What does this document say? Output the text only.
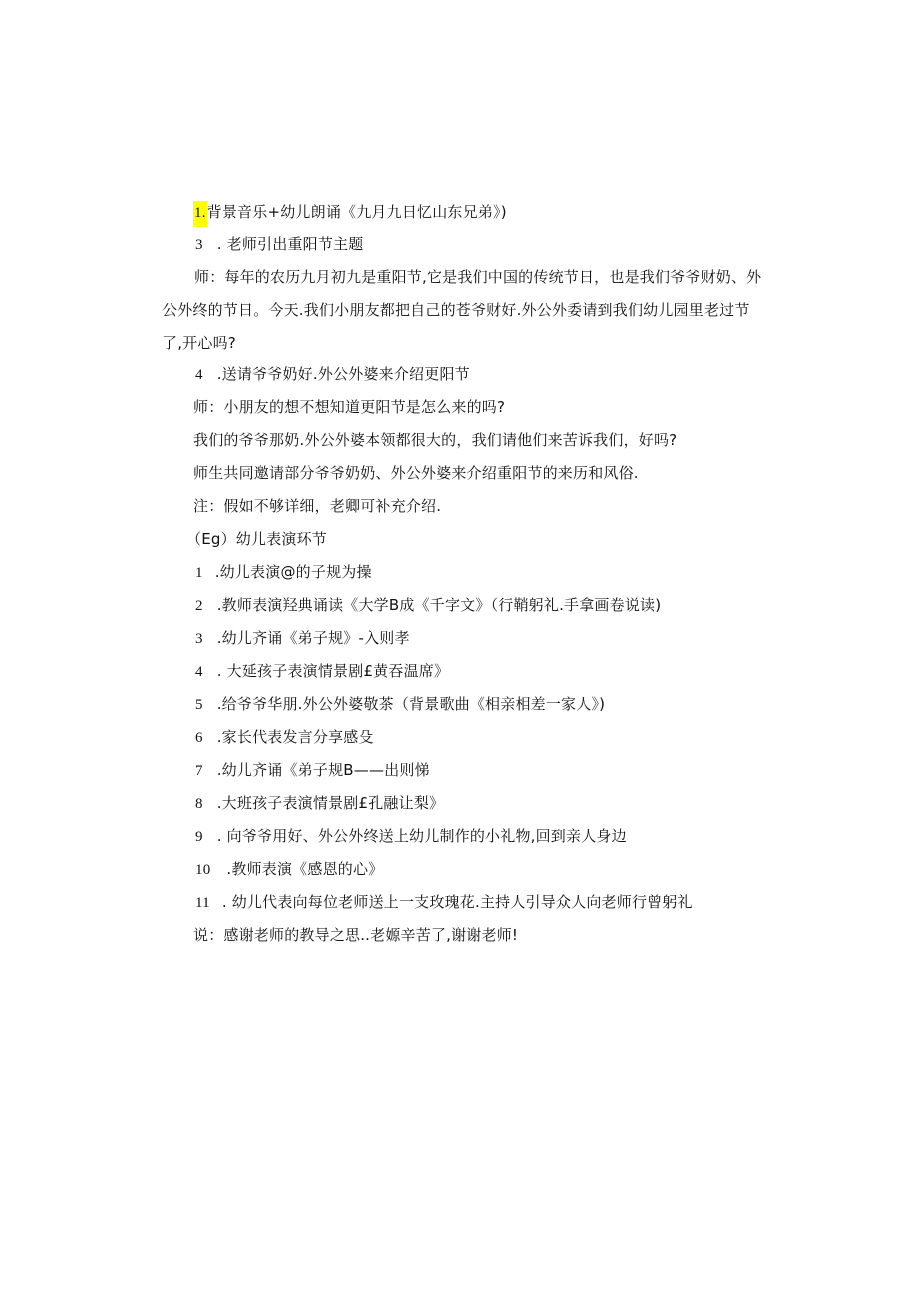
1.背景音乐+幼儿朗诵《九月九日忆山东兄弟》)
3 . 老师引出重阳节主题
师：每年的农历九月初九是重阳节,它是我们中国的传统节日，也是我们爷爷财奶、外公外终的节日。今天.我们小朋友都把自己的苍爷财好.外公外委请到我们幼儿园里老过节了,开心吗?
4 .送请爷爷奶好.外公外婆来介绍更阳节
师：小朋友的想不想知道更阳节是怎么来的吗?
我们的爷爷那奶.外公外婆本领都很大的，我们请他们来苦诉我们，好吗?
师生共同邀请部分爷爷奶奶、外公外婆来介绍重阳节的来历和风俗.
注：假如不够详细，老卿可补充介绍.
（Eg）幼儿表演环节
1 .幼儿表演@的子规为操
2 .教师表演羟典诵读《大学B成《千字文》（行鞘躬礼.手拿画卷说读)
3 .幼儿齐诵《弟子规》-入则孝
4 . 大延孩子表演情景剧£黄吞温席》
5 .给爷爷华朋.外公外婆敬茶（背景歌曲《相亲相差一家人》)
6 .家长代表发言分享感殳
7 .幼儿齐诵《弟子规B——出则悌
8 .大班孩子表演情景剧£孔融让梨》
9 . 向爷爷用好、外公外终送上幼儿制作的小礼物,回到亲人身边
10 .教师表演《感恩的心》
11 . 幼儿代表向每位老师送上一支玫瑰花.主持人引导众人向老师行曾躬礼
说：感谢老师的教导之思..老嫄辛苦了,谢谢老师!
